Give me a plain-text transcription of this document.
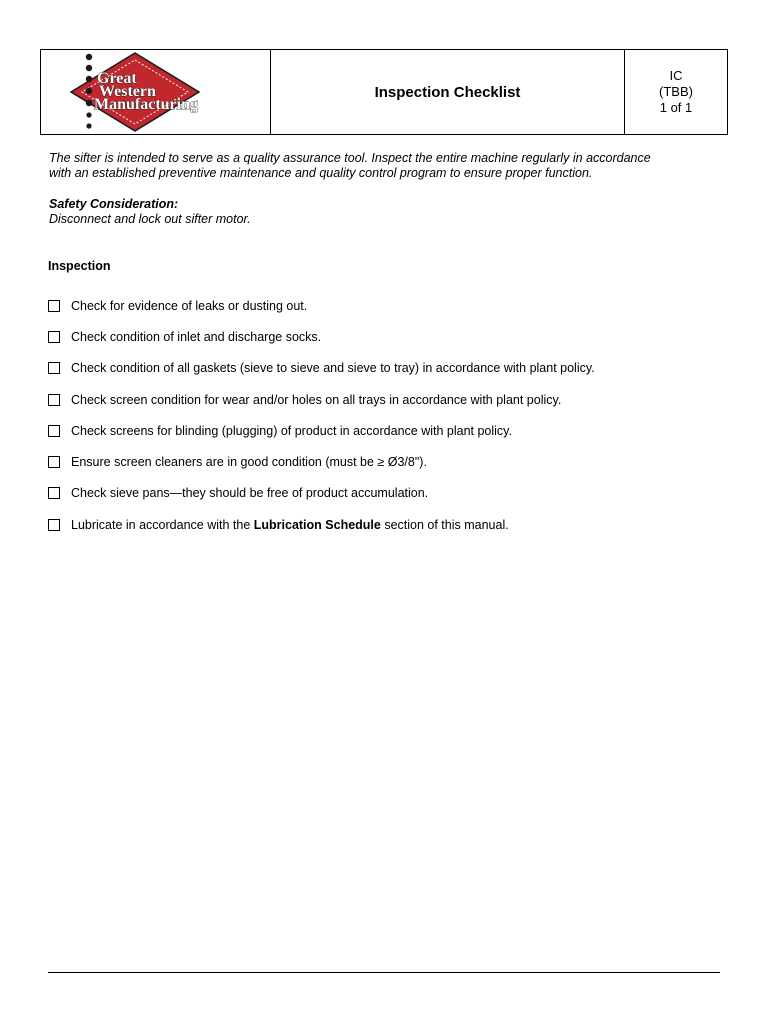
Great
Western
Manufacturing

Inspection Checklist

IC
(TBB)
1 of 1
The sifter is intended to serve as a quality assurance tool. Inspect the entire machine regularly in accordance
with an established preventive maintenance and quality control program to ensure proper function.
Safety Consideration:
Disconnect and lock out sifter motor.
Inspection
Check for evidence of leaks or dusting out.
Check condition of inlet and discharge socks.
Check condition of all gaskets (sieve to sieve and sieve to tray) in accordance with plant policy.
Check screen condition for wear and/or holes on all trays in accordance with plant policy.
Check screens for blinding (plugging) of product in accordance with plant policy.
Ensure screen cleaners are in good condition (must be ≥ Ø3/8").
Check sieve pans—they should be free of product accumulation.
Lubricate in accordance with the Lubrication Schedule section of this manual.
